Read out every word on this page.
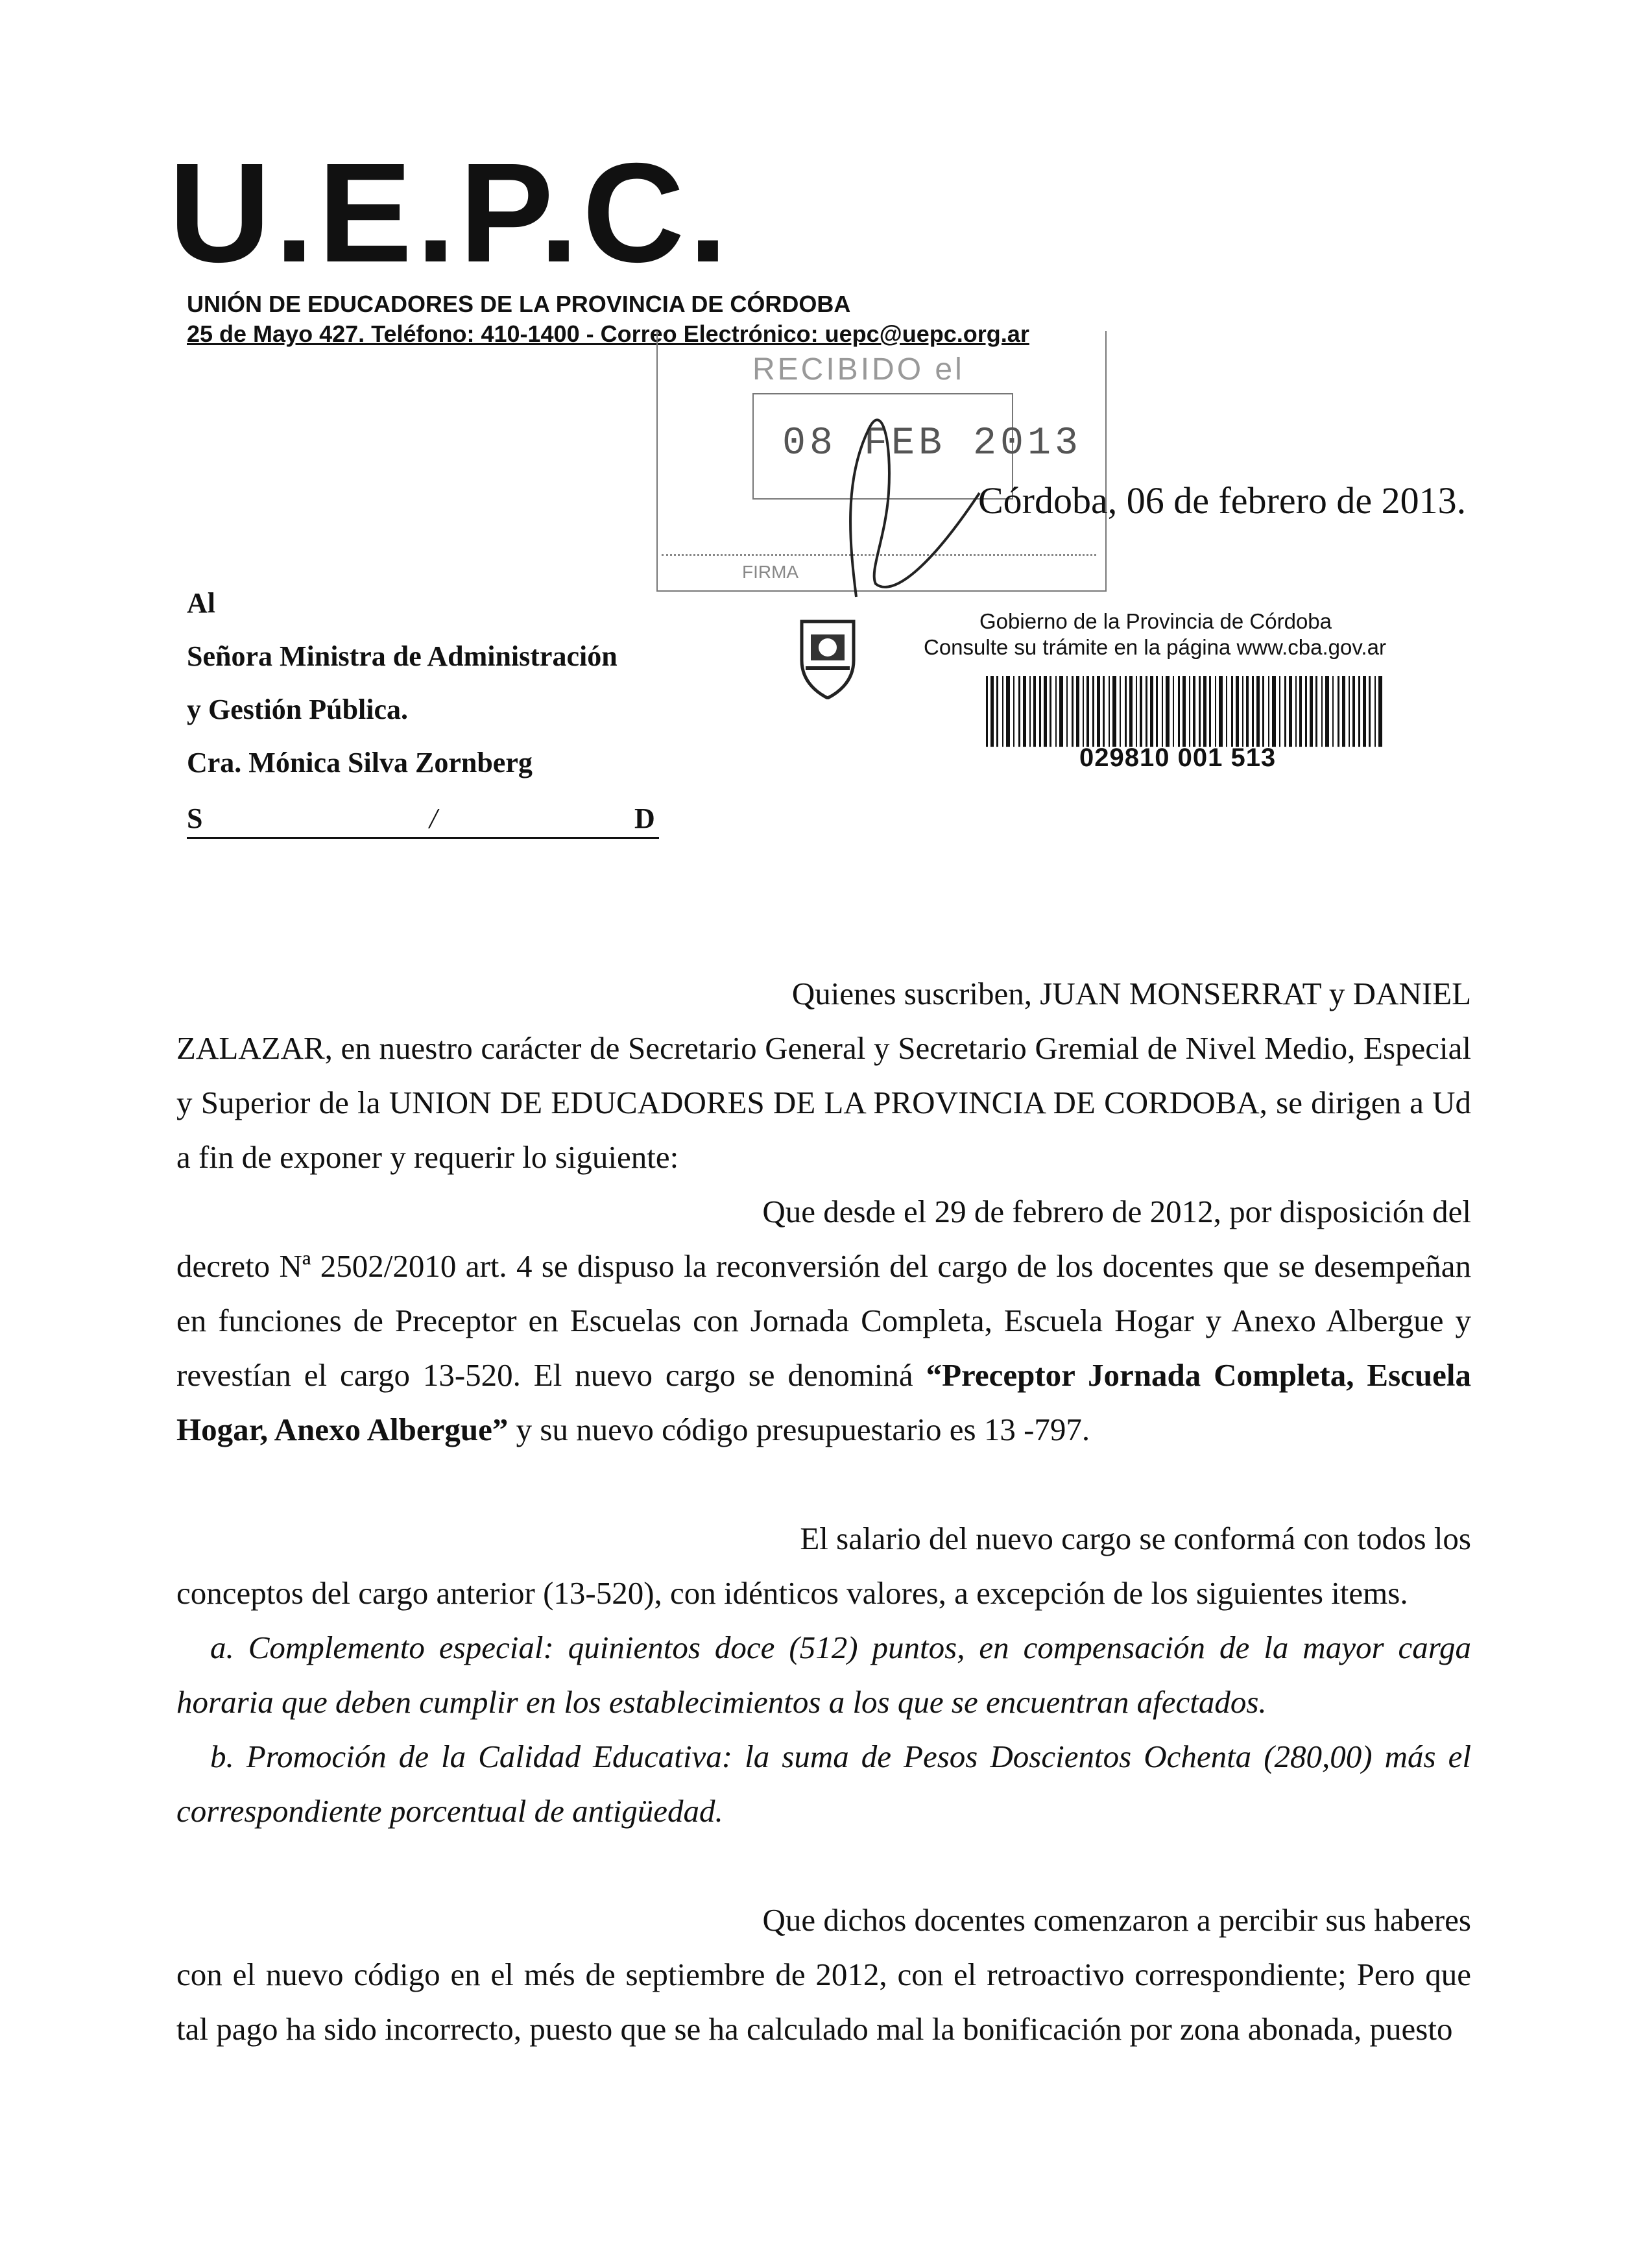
U.E.P.C.
UNIÓN DE EDUCADORES DE LA PROVINCIA DE CÓRDOBA
25 de Mayo 427. Teléfono: 410-1400 - Correo Electrónico: uepc@uepc.org.ar
RECIBIDO el
08 FEB 2013
FIRMA
Córdoba, 06 de febrero de 2013.
Al
Señora Ministra de Administración
y Gestión Pública.
Cra. Mónica Silva Zornberg
S	/	D
Gobierno de la Provincia de Córdoba
Consulte su trámite en la página www.cba.gov.ar
029810 001 513

Quienes suscriben, JUAN MONSERRAT y DANIEL

ZALAZAR, en nuestro carácter de Secretario General y Secretario Gremial de Nivel Medio, Especial y Superior de la UNION DE EDUCADORES DE LA PROVINCIA DE CORDOBA, se dirigen a Ud a fin de exponer y requerir lo siguiente:

Que desde el 29 de febrero de 2012, por disposición del

decreto Nª 2502/2010 art. 4 se dispuso la reconversión del cargo de los docentes que se desempeñan en funciones de Preceptor en Escuelas con Jornada Completa, Escuela Hogar y Anexo Albergue y revestían el cargo 13-520. El nuevo cargo se denominá “Preceptor Jornada Completa, Escuela Hogar, Anexo Albergue” y su nuevo código presupuestario es 13 -797.

El salario del nuevo cargo se conformá con todos los

conceptos del cargo anterior (13-520), con idénticos valores, a excepción de los siguientes items.

a. Complemento especial: quinientos doce (512) puntos, en compensación de la mayor carga horaria que deben cumplir en los establecimientos a los que se encuentran afectados.

b. Promoción de la Calidad Educativa: la suma de Pesos Doscientos Ochenta (280,00) más el correspondiente porcentual de antigüedad.

Que dichos docentes comenzaron a percibir sus haberes

con el nuevo código en el més de septiembre de 2012, con el retroactivo correspondiente; Pero que tal pago ha sido incorrecto, puesto que se ha calculado mal la bonificación por zona abonada, puesto
